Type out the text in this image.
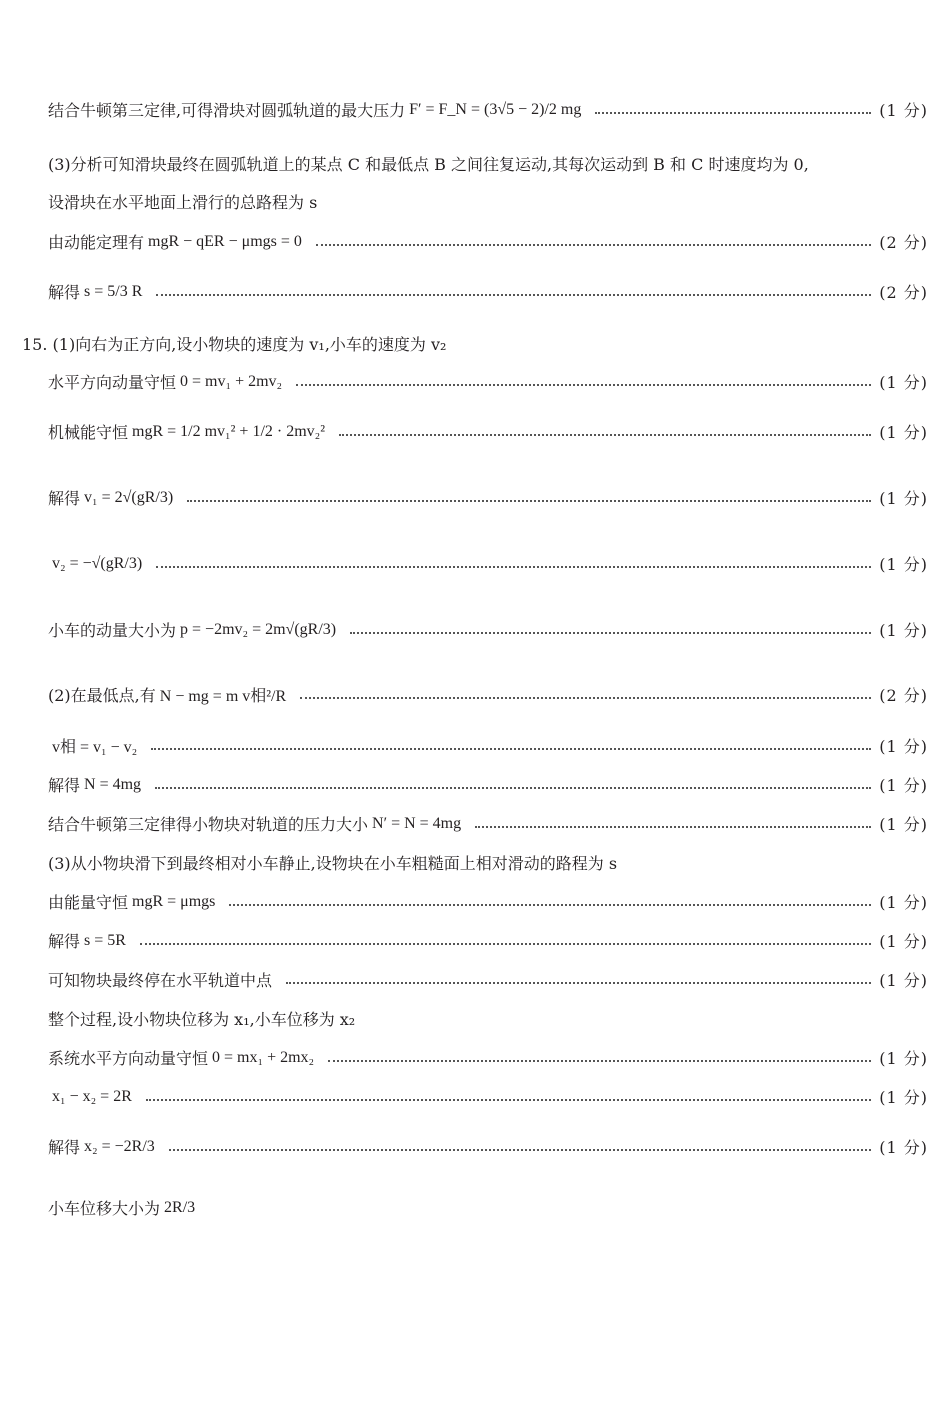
结合牛顿第三定律,可得滑块对圆弧轨道的最大压力 F′ = F_N = (3√5 − 2)/2 mg	(1 分)
(3)分析可知滑块最终在圆弧轨道上的某点 C 和最低点 B 之间往复运动,其每次运动到 B 和 C 时速度均为 0,
设滑块在水平地面上滑行的总路程为 s
由动能定理有 mgR − qER − μmgs = 0	(2 分)
解得 s = 5/3 R	(2 分)
15. (1)向右为正方向,设小物块的速度为 v₁,小车的速度为 v₂
水平方向动量守恒 0 = mv₁ + 2mv₂	(1 分)
机械能守恒 mgR = 1/2 mv₁² + 1/2 · 2mv₂²	(1 分)
解得 v₁ = 2√(gR/3)	(1 分)
v₂ = −√(gR/3)	(1 分)
小车的动量大小为 p = −2mv₂ = 2m√(gR/3)	(1 分)
(2)在最低点,有 N − mg = m v相²/R	(2 分)
v相 = v₁ − v₂	(1 分)
解得 N = 4mg	(1 分)
结合牛顿第三定律得小物块对轨道的压力大小 N′ = N = 4mg	(1 分)
(3)从小物块滑下到最终相对小车静止,设物块在小车粗糙面上相对滑动的路程为 s
由能量守恒 mgR = μmgs	(1 分)
解得 s = 5R	(1 分)
可知物块最终停在水平轨道中点	(1 分)
整个过程,设小物块位移为 x₁,小车位移为 x₂
系统水平方向动量守恒 0 = mx₁ + 2mx₂	(1 分)
x₁ − x₂ = 2R	(1 分)
解得 x₂ = −2R/3	(1 分)
小车位移大小为 2R/3
